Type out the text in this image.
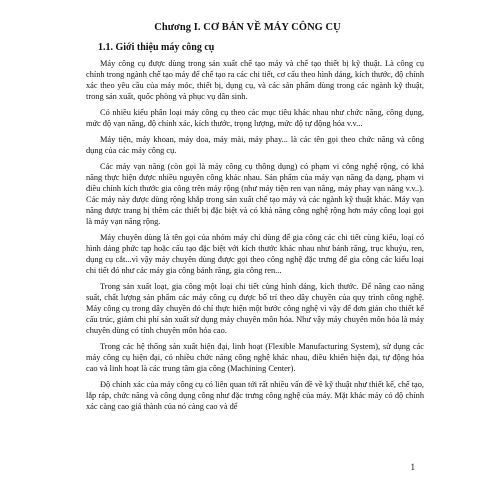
Chương I. CƠ BẢN VỀ MÁY CÔNG CỤ
1.1. Giới thiệu máy công cụ

Máy công cụ được dùng trong sản xuất chế tạo máy và chế tạo thiết bị kỹ thuật. Là công cụ chính trong ngành chế tạo máy để chế tạo ra các chi tiết, cơ cấu theo hình dáng, kích thước, độ chính xác theo yêu cầu của máy móc, thiết bị, dụng cụ, và các sản phẩm dùng trong các ngành kỹ thuật, trong sản xuất, quốc phòng và phục vụ dân sinh.

Có nhiều kiểu phân loại máy công cụ theo các mục tiêu khác nhau như chức năng, công dụng, mức độ vạn năng, độ chính xác, kích thước, trọng lượng, mức độ tự động hóa v.v...

Máy tiện, máy khoan, máy doa, máy mài, máy phay... là các tên gọi theo chức năng và công dụng của các máy công cụ.

Các máy vạn năng (còn gọi là máy công cụ thông dụng) có phạm vi công nghệ rộng, có khả năng thực hiện được nhiều nguyên công khác nhau. Sản phẩm của máy vạn năng đa dạng, phạm vi điều chỉnh kích thước gia công trên máy rộng (như máy tiện ren vạn năng, máy phay vạn năng v.v..). Các máy này được dùng rộng khắp trong sản xuất chế tạo máy và các ngành kỹ thuật khác. Máy vạn năng được trang bị thêm các thiết bị đặc biệt và có khả năng công nghệ rộng hơn máy công loại gọi là máy vạn năng rộng.

Máy chuyên dùng là tên gọi của nhóm máy chỉ dùng để gia công các chi tiết cùng kiểu, loại có hình dáng phức tạp hoặc cấu tạo đặc biệt với kích thước khác nhau như bánh răng, trục khuỷu, ren, dụng cụ cắt...vì vậy máy chuyên dùng được gọi theo công nghệ đặc trưng để gia công các kiểu loại chi tiết đó như các máy gia công bánh răng, gia công ren...

Trong sản xuất loạt, gia công một loại chi tiết cùng hình dáng, kích thước. Để nâng cao năng suất, chất lượng sản phẩm các máy công cụ được bố trí theo dây chuyền của quy trình công nghệ. Máy công cụ trong dây chuyền đó chỉ thực hiện một bước công nghệ vì vậy để đơn giản cho thiết kế cấu trúc, giảm chi phí sản xuất sử dụng máy chuyên môn hóa. Như vậy máy chuyên môn hóa là máy chuyên dùng có tính chuyên môn hóa cao.

Trong các hệ thống sản xuất hiện đại, linh hoạt (Flexible Manufacturing System), sử dụng các máy công cụ hiện đại, có nhiều chức năng công nghệ khác nhau, điều khiển hiện đại, tự động hóa cao và linh hoạt là các trung tâm gia công (Machining Center).

Độ chính xác của máy công cụ có liên quan tới rất nhiều vấn đề về kỹ thuật như thiết kế, chế tạo, lắp ráp, chức năng và công dụng công như đặc trưng công nghệ của máy. Mặt khác máy có độ chính xác càng cao giá thành của nó càng cao và để

1
